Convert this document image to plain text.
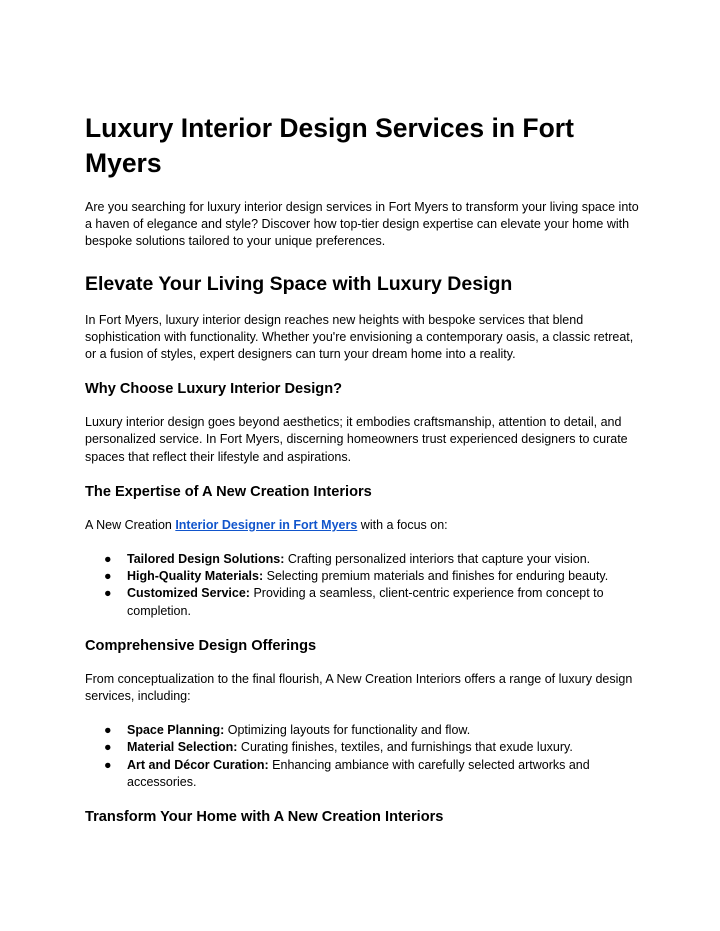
Luxury Interior Design Services in Fort Myers

Are you searching for luxury interior design services in Fort Myers to transform your living space into a haven of elegance and style? Discover how top-tier design expertise can elevate your home with bespoke solutions tailored to your unique preferences.

Elevate Your Living Space with Luxury Design

In Fort Myers, luxury interior design reaches new heights with bespoke services that blend sophistication with functionality. Whether you're envisioning a contemporary oasis, a classic retreat, or a fusion of styles, expert designers can turn your dream home into a reality.

Why Choose Luxury Interior Design?

Luxury interior design goes beyond aesthetics; it embodies craftsmanship, attention to detail, and personalized service. In Fort Myers, discerning homeowners trust experienced designers to curate spaces that reflect their lifestyle and aspirations.

The Expertise of A New Creation Interiors

A New Creation Interior Designer in Fort Myers with a focus on:

● Tailored Design Solutions: Crafting personalized interiors that capture your vision.
● High-Quality Materials: Selecting premium materials and finishes for enduring beauty.
● Customized Service: Providing a seamless, client-centric experience from concept to completion.
Comprehensive Design Offerings

From conceptualization to the final flourish, A New Creation Interiors offers a range of luxury design services, including:

● Space Planning: Optimizing layouts for functionality and flow.
● Material Selection: Curating finishes, textiles, and furnishings that exude luxury.
● Art and Décor Curation: Enhancing ambiance with carefully selected artworks and accessories.
Transform Your Home with A New Creation Interiors
